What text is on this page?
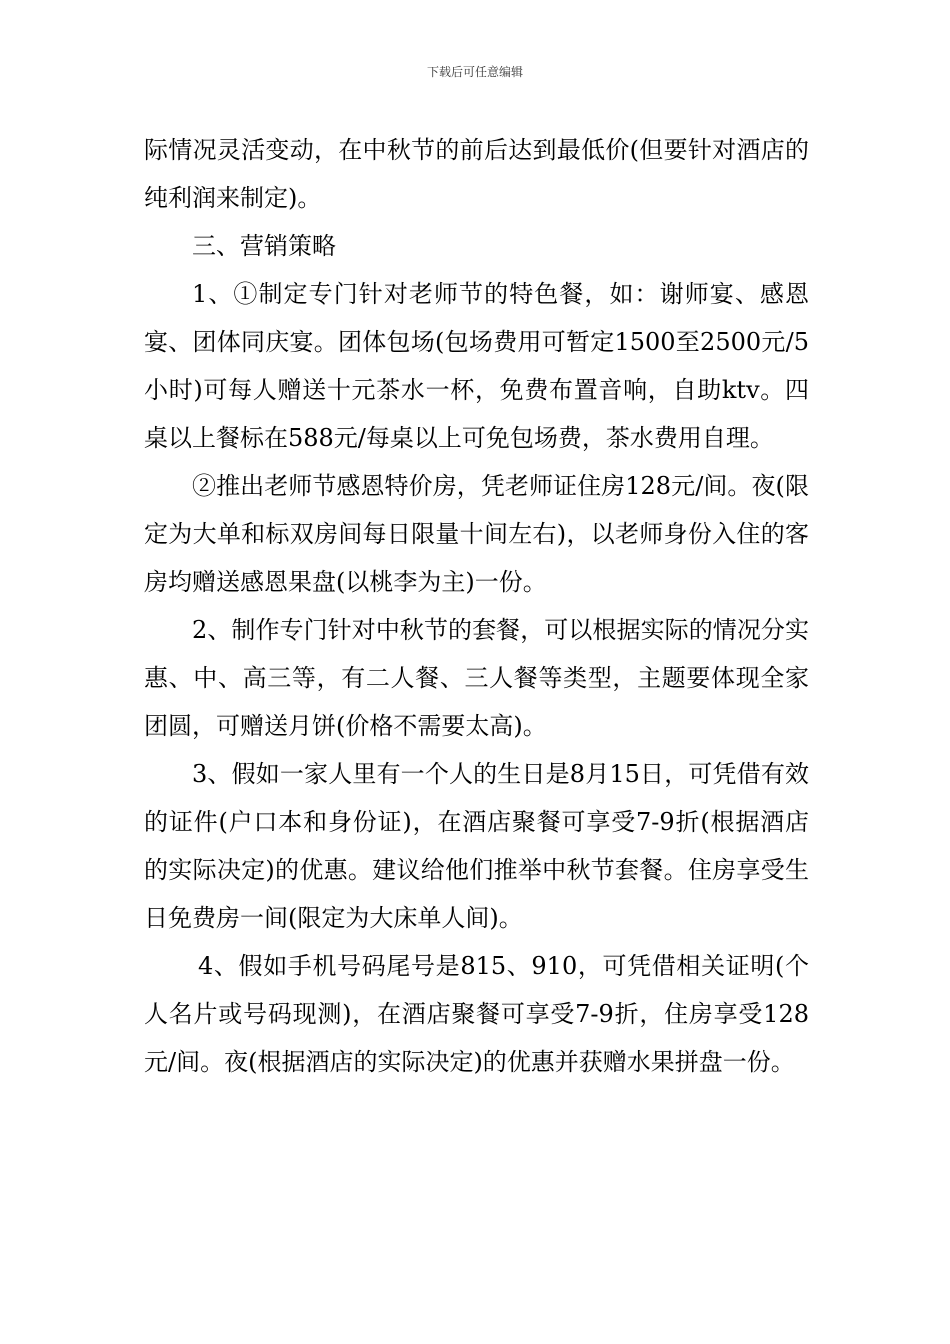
下载后可任意编辑

际情况灵活变动，在中秋节的前后达到最低价(但要针对酒店的纯利润来制定)。

三、营销策略

1、①制定专门针对老师节的特色餐，如：谢师宴、感恩宴、团体同庆宴。团体包场(包场费用可暂定1500至2500元/5小时)可每人赠送十元茶水一杯，免费布置音响，自助ktv。四桌以上餐标在588元/每桌以上可免包场费，茶水费用自理。

②推出老师节感恩特价房，凭老师证住房128元/间。夜(限定为大单和标双房间每日限量十间左右)，以老师身份入住的客房均赠送感恩果盘(以桃李为主)一份。

2、制作专门针对中秋节的套餐，可以根据实际的情况分实惠、中、高三等，有二人餐、三人餐等类型，主题要体现全家团圆，可赠送月饼(价格不需要太高)。

3、假如一家人里有一个人的生日是8月15日，可凭借有效的证件(户口本和身份证)，在酒店聚餐可享受7-9折(根据酒店的实际决定)的优惠。建议给他们推举中秋节套餐。住房享受生日免费房一间(限定为大床单人间)。

4、假如手机号码尾号是815、910，可凭借相关证明(个人名片或号码现测)，在酒店聚餐可享受7-9折，住房享受128元/间。夜(根据酒店的实际决定)的优惠并获赠水果拼盘一份。
